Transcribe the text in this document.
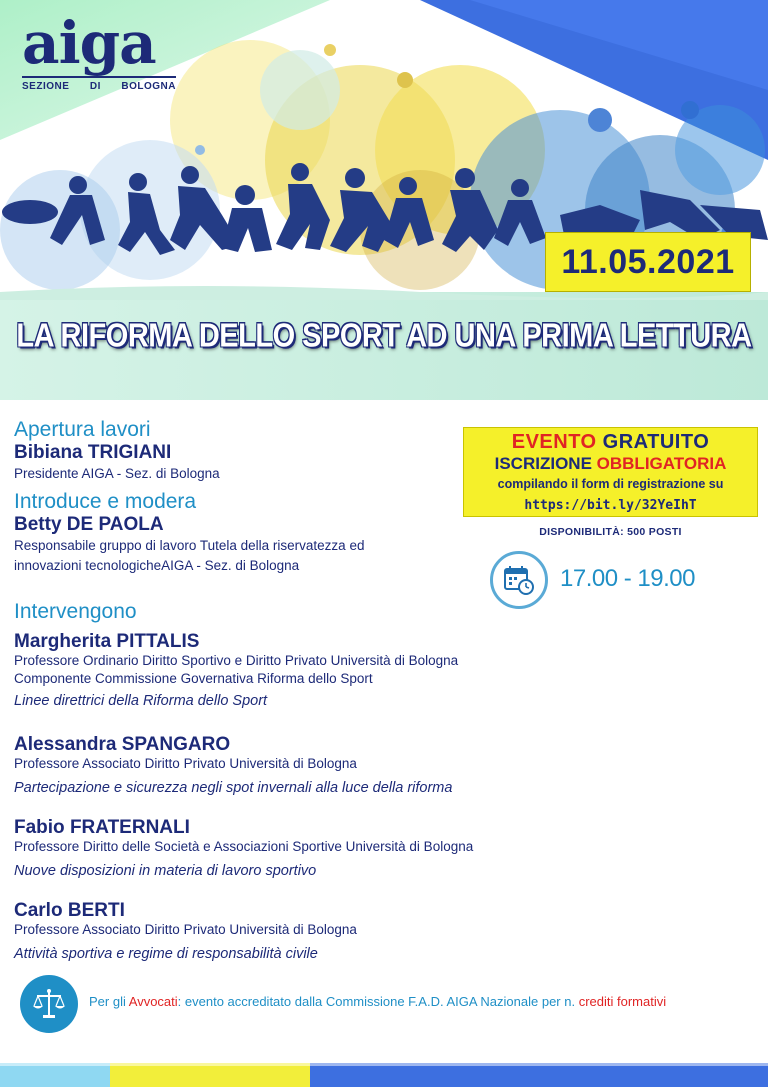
aiga
SEZIONE DI BOLOGNA
11.05.2021
LA RIFORMA DELLO SPORT AD UNA PRIMA LETTURA
Apertura lavori
Bibiana TRIGIANI
Presidente AIGA - Sez. di Bologna
Introduce e modera
Betty DE PAOLA
Responsabile gruppo di lavoro Tutela della riservatezza ed
innovazioni tecnologicheAIGA - Sez. di Bologna
Intervengono
Margherita PITTALIS
Professore Ordinario Diritto Sportivo e Diritto Privato Università di Bologna
Componente Commissione Governativa Riforma dello Sport
Linee direttrici della Riforma dello Sport
Alessandra SPANGARO
Professore Associato Diritto Privato Università di Bologna
Partecipazione e sicurezza negli spot invernali alla luce della riforma
Fabio FRATERNALI
Professore Diritto delle Società e Associazioni Sportive Università di Bologna
Nuove disposizioni in materia di lavoro sportivo
Carlo BERTI
Professore Associato Diritto Privato Università di Bologna
Attività sportiva e regime di responsabilità civile
EVENTO GRATUITO
ISCRIZIONE OBBLIGATORIA
compilando il form di registrazione su
https://bit.ly/32YeIhT
DISPONIBILITÀ: 500 POSTI
17.00 - 19.00
Per gli Avvocati: evento accreditato dalla Commissione F.A.D. AIGA Nazionale per n. crediti formativi
